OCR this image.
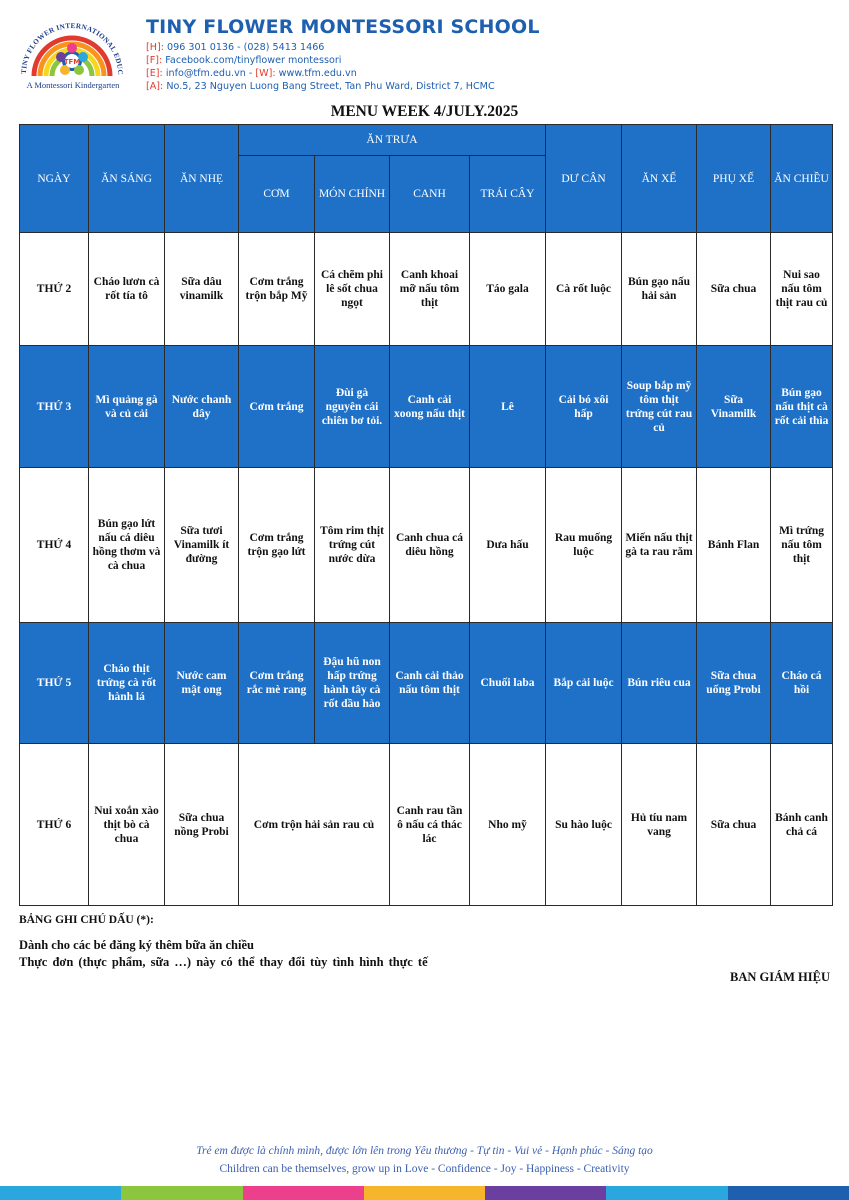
TINY FLOWER INTERNATIONAL EDUC
TFM
A Montessori Kindergarten
TINY FLOWER MONTESSORI SCHOOL
[H]: 096 301 0136 - (028) 5413 1466
[F]: Facebook.com/tinyflower montessori
[E]: info@tfm.edu.vn - [W]: www.tfm.edu.vn
[A]: No.5, 23 Nguyen Luong Bang Street, Tan Phu Ward, District 7, HCMC
MENU WEEK 4/JULY.2025
NGÀY	ĂN SÁNG	ĂN NHẸ	ĂN TRƯA				DƯ CÂN	ĂN XẾ	PHỤ XẾ	ĂN CHIỀU
			CƠM	MÓN CHÍNH	CANH	TRÁI CÂY				
THỨ 2	Cháo lươn cà rốt tía tô	Sữa dâu vinamilk	Cơm trắng trộn bắp Mỹ	Cá chẽm phi lê sốt chua ngọt	Canh khoai mỡ nấu tôm thịt	Táo gala	Cà rốt luộc	Bún gạo nấu hải sản	Sữa chua	Nui sao nấu tôm thịt rau củ
THỨ 3	Mì quảng gà và củ cải	Nước chanh dây	Cơm trắng	Đùi gà nguyên cái chiên bơ tỏi.	Canh cải xoong nấu thịt	Lê	Cải bó xôi hấp	Soup bắp mỹ tôm thịt trứng cút rau củ	Sữa Vinamilk	Bún gạo nấu thịt cà rốt cải thìa
THỨ 4	Bún gạo lứt nấu cá diêu hồng thơm và cà chua	Sữa tươi Vinamilk ít đường	Cơm trắng trộn gạo lứt	Tôm rim thịt trứng cút nước dừa	Canh chua cá diêu hồng	Dưa hấu	Rau muống luộc	Miến nấu thịt gà ta rau răm	Bánh Flan	Mì trứng nấu tôm thịt
THỨ 5	Cháo thịt trứng cà rốt hành lá	Nước cam mật ong	Cơm trắng rắc mè rang	Đậu hũ non hấp trứng hành tây cà rốt dầu hào	Canh cải thảo nấu tôm thịt	Chuối laba	Bắp cải luộc	Bún riêu cua	Sữa chua uống Probi	Cháo cá hồi
THỨ 6	Nui xoắn xào thịt bò cà chua	Sữa chua nồng Probi	Cơm trộn hải sản rau củ		Canh rau tần ô nấu cá thác lác	Nho mỹ	Su hào luộc	Hủ tíu nam vang	Sữa chua	Bánh canh chả cá
BẢNG GHI CHÚ DẤU (*):
Dành cho các bé đăng ký thêm bữa ăn chiều
Thực đơn (thực phẩm, sữa …) này có thể thay đổi tùy tình hình thực tế
BAN GIÁM HIỆU
Trẻ em được là chính mình, được lớn lên trong Yêu thương - Tự tin - Vui vẻ - Hạnh phúc - Sáng tạo
Children can be themselves, grow up in Love - Confidence - Joy - Happiness - Creativity
